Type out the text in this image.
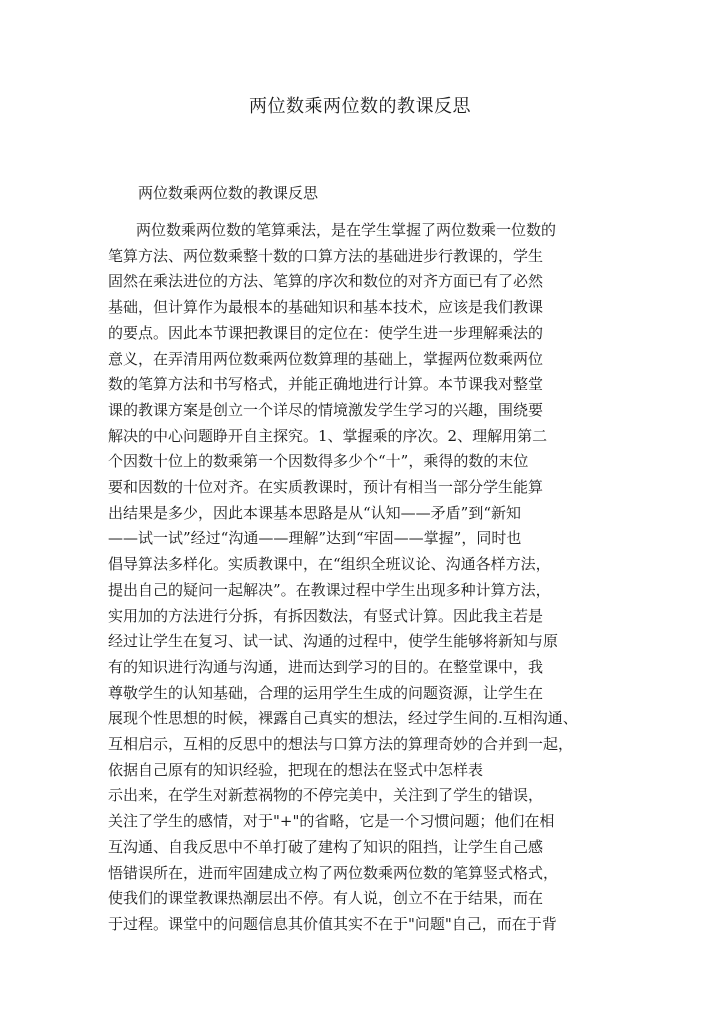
两位数乘两位数的教课反思
两位数乘两位数的教课反思
两位数乘两位数的笔算乘法，是在学生掌握了两位数乘一位数的
笔算方法、两位数乘整十数的口算方法的基础进步行教课的，学生
固然在乘法进位的方法、笔算的序次和数位的对齐方面已有了必然
基础，但计算作为最根本的基础知识和基本技术，应该是我们教课
的要点。因此本节课把教课目的定位在：使学生进一步理解乘法的
意义，在弄清用两位数乘两位数算理的基础上，掌握两位数乘两位
数的笔算方法和书写格式，并能正确地进行计算。本节课我对整堂
课的教课方案是创立一个详尽的情境激发学生学习的兴趣，围绕要
解决的中心问题睁开自主探究。1、掌握乘的序次。2、理解用第二
个因数十位上的数乘第一个因数得多少个“十”，乘得的数的末位
要和因数的十位对齐。在实质教课时，预计有相当一部分学生能算
出结果是多少，因此本课基本思路是从“认知——矛盾”到“新知
——试一试”经过“沟通——理解”达到“牢固——掌握”，同时也
倡导算法多样化。实质教课中，在“组织全班议论、沟通各样方法，
提出自己的疑问一起解决”。在教课过程中学生出现多种计算方法，
实用加的方法进行分拆，有拆因数法，有竖式计算。因此我主若是
经过让学生在复习、试一试、沟通的过程中，使学生能够将新知与原
有的知识进行沟通与沟通，进而达到学习的目的。在整堂课中，我
尊敬学生的认知基础，合理的运用学生生成的问题资源，让学生在
展现个性思想的时候，裸露自己真实的想法，经过学生间的.互相沟通、
互相启示，互相的反思中的想法与口算方法的算理奇妙的合并到一起，
依据自己原有的知识经验，把现在的想法在竖式中怎样表
示出来，在学生对新惹祸物的不停完美中，关注到了学生的错误，
关注了学生的感情，对于"+"的省略，它是一个习惯问题；他们在相
互沟通、自我反思中不单打破了建构了知识的阻挡，让学生自己感
悟错误所在，进而牢固建成立构了两位数乘两位数的笔算竖式格式，
使我们的课堂教课热潮层出不停。有人说，创立不在于结果，而在
于过程。课堂中的问题信息其价值其实不在于"问题"自己，而在于背
